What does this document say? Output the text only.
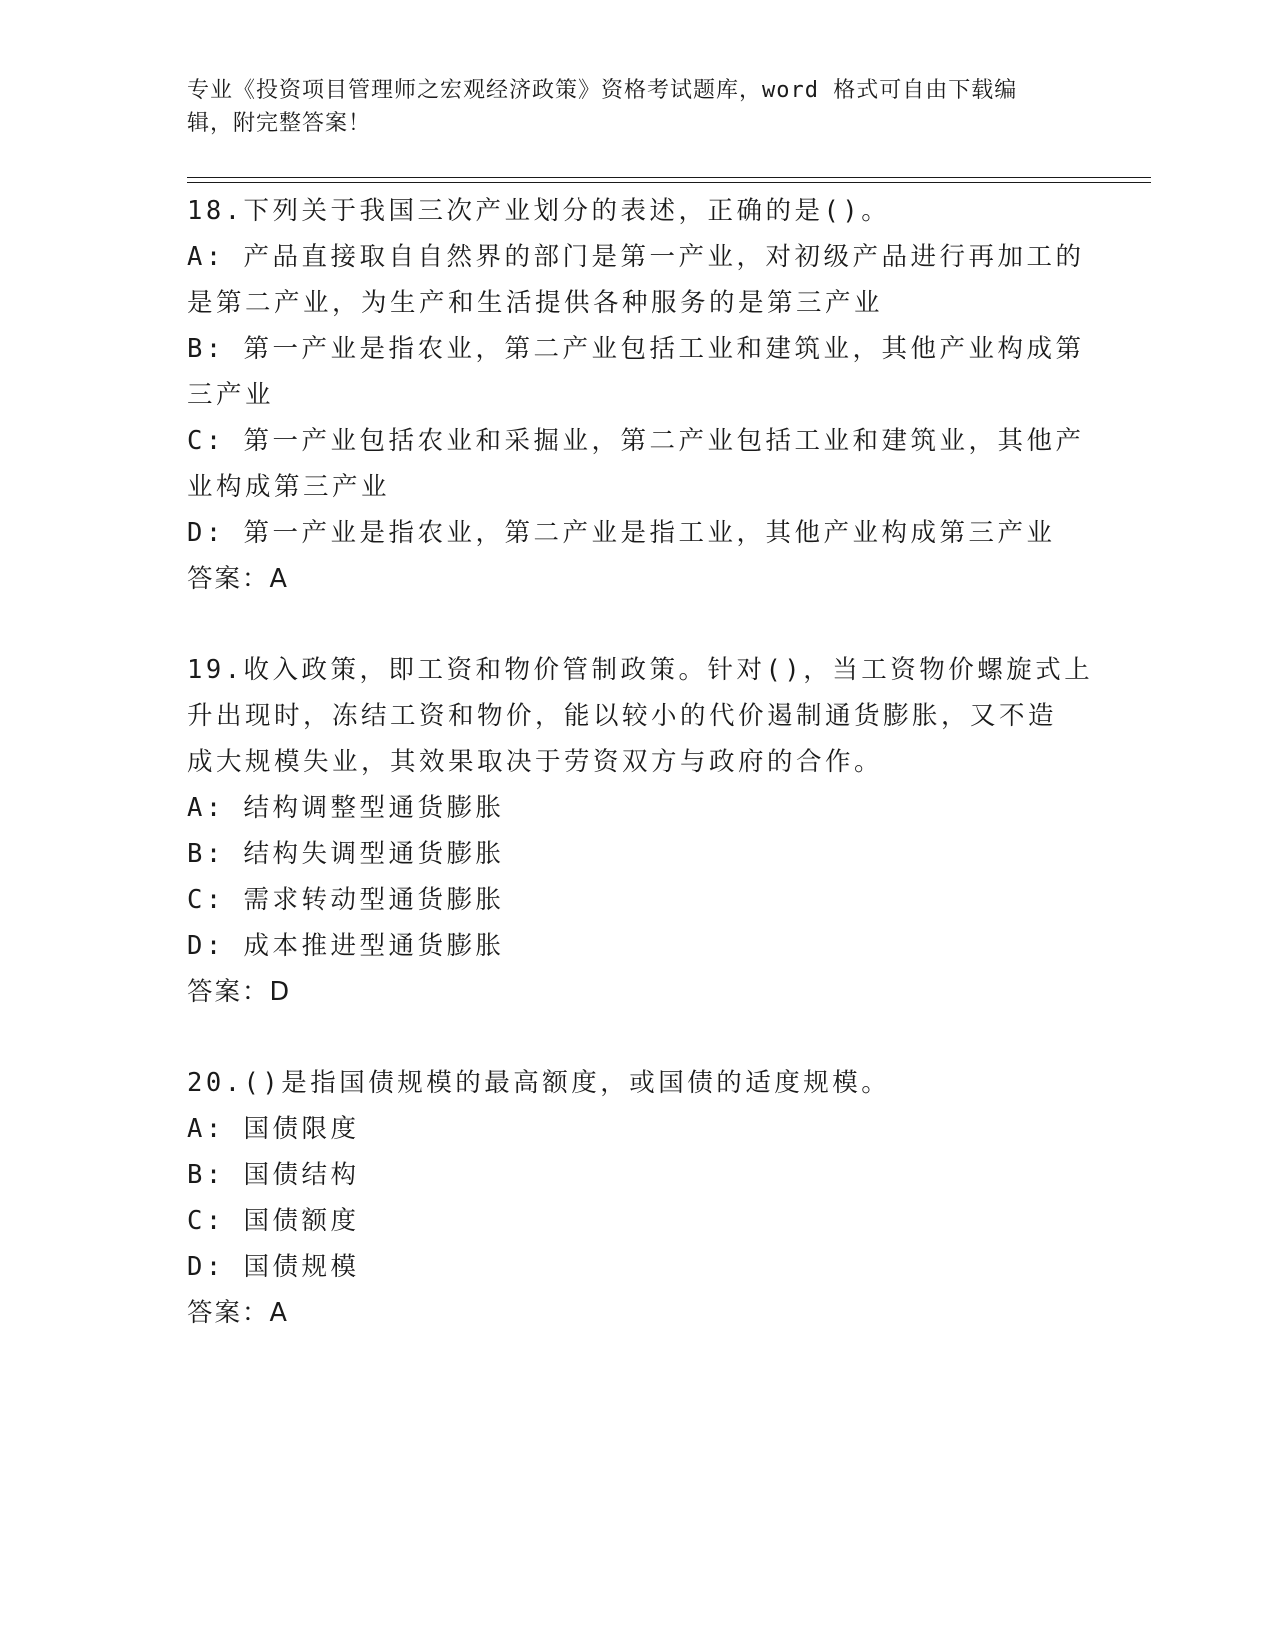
专业《投资项目管理师之宏观经济政策》资格考试题库，word 格式可自由下载编
辑，附完整答案！
18.下列关于我国三次产业划分的表述，正确的是()。
A: 产品直接取自自然界的部门是第一产业，对初级产品进行再加工的
是第二产业，为生产和生活提供各种服务的是第三产业
B: 第一产业是指农业，第二产业包括工业和建筑业，其他产业构成第
三产业
C: 第一产业包括农业和采掘业，第二产业包括工业和建筑业，其他产
业构成第三产业
D: 第一产业是指农业，第二产业是指工业，其他产业构成第三产业
答案：A
19.收入政策，即工资和物价管制政策。针对()，当工资物价螺旋式上
升出现时，冻结工资和物价，能以较小的代价遏制通货膨胀，又不造
成大规模失业，其效果取决于劳资双方与政府的合作。
A: 结构调整型通货膨胀
B: 结构失调型通货膨胀
C: 需求转动型通货膨胀
D: 成本推进型通货膨胀
答案：D
20.()是指国债规模的最高额度，或国债的适度规模。
A: 国债限度
B: 国债结构
C: 国债额度
D: 国债规模
答案：A
